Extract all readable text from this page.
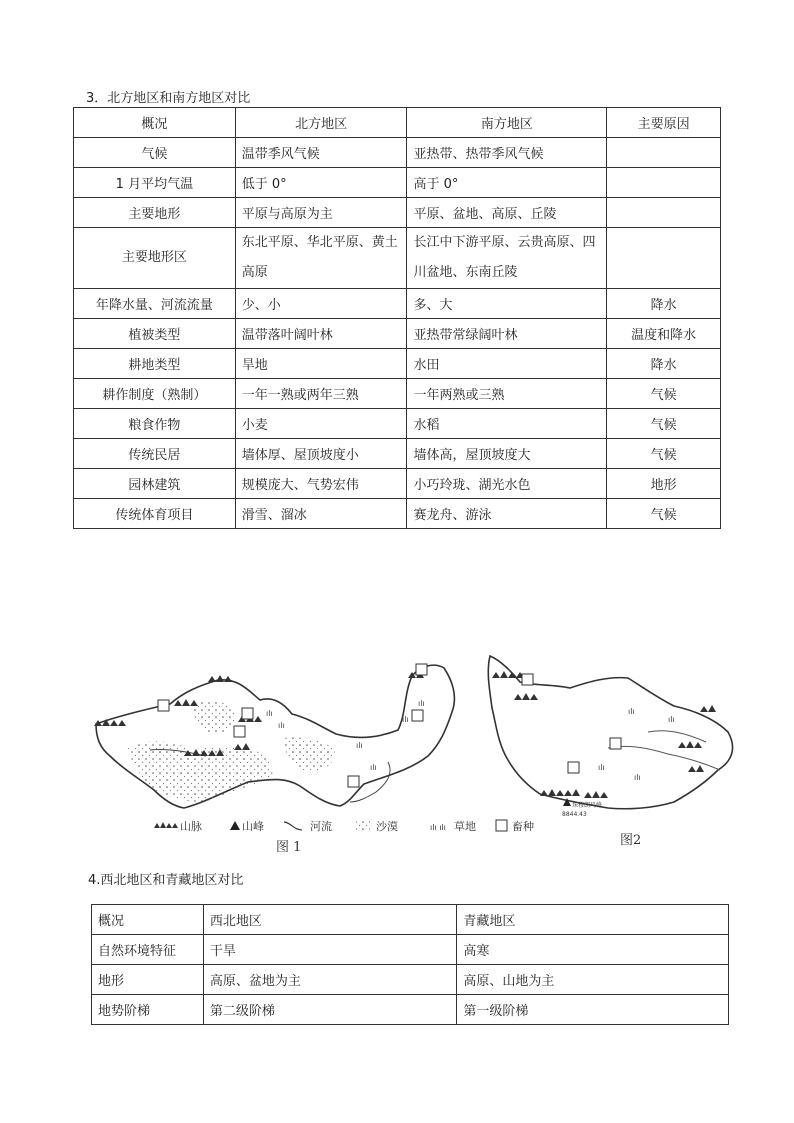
3．北方地区和南方地区对比
概况	北方地区	南方地区	主要原因
气候	温带季风气候	亚热带、热带季风气候	
1 月平均气温	低于 0°	高于 0°	
主要地形	平原与高原为主	平原、盆地、高原、丘陵	
主要地形区	东北平原、华北平原、黄土高原	长江中下游平原、云贵高原、四川盆地、东南丘陵	
年降水量、河流流量	少、小	多、大	降水
植被类型	温带落叶阔叶林	亚热带常绿阔叶林	温度和降水
耕地类型	旱地	水田	降水
耕作制度（熟制）	一年一熟或两年三熟	一年两熟或三熟	气候
粮食作物	小麦	水稻	气候
传统民居	墙体厚、屋顶坡度小	墙体高，屋顶坡度大	气候
园林建筑	规模庞大、气势宏伟	小巧玲珑、湖光水色	地形
传统体育项目	滑雪、溜冰	赛龙舟、游泳	气候
ılı
ılı
ılı
ılı
ılı
ılı
ılı
ılı
ılı
ılı
珠穆朗玛峰
8844.43
山脉	山峰	河流	沙漠	ılı ılı 草地	畜种
图 1	图2
4.西北地区和青藏地区对比
概况	西北地区	青藏地区
自然环境特征	干旱	高寒
地形	高原、盆地为主	高原、山地为主
地势阶梯	第二级阶梯	第一级阶梯
